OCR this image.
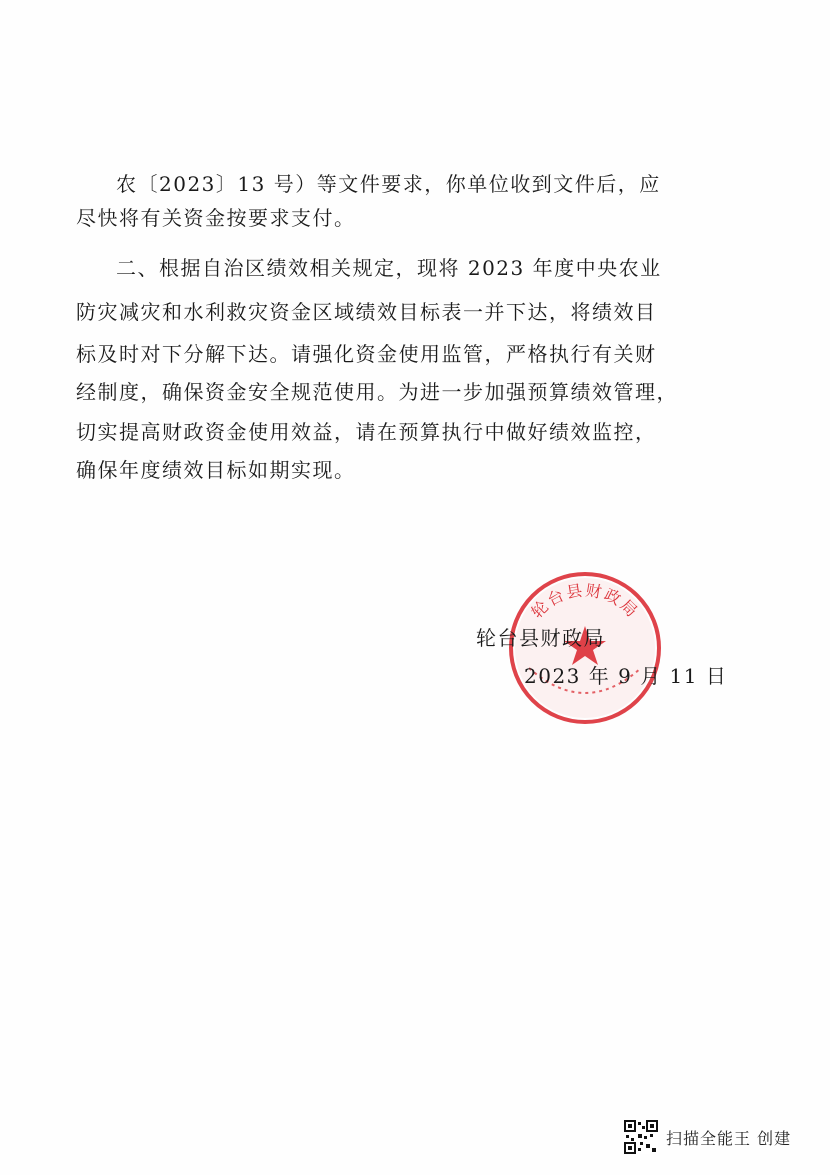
农〔2023〕13 号）等文件要求，你单位收到文件后，应
尽快将有关资金按要求支付。
二、根据自治区绩效相关规定，现将 2023 年度中央农业
防灾减灾和水利救灾资金区域绩效目标表一并下达，将绩效目
标及时对下分解下达。请强化资金使用监管，严格执行有关财
经制度，确保资金安全规范使用。为进一步加强预算绩效管理，
切实提高财政资金使用效益，请在预算执行中做好绩效监控，
确保年度绩效目标如期实现。
轮台县财政局
轮台县财政局
2023 年 9 月 11 日
扫描全能王 创建
